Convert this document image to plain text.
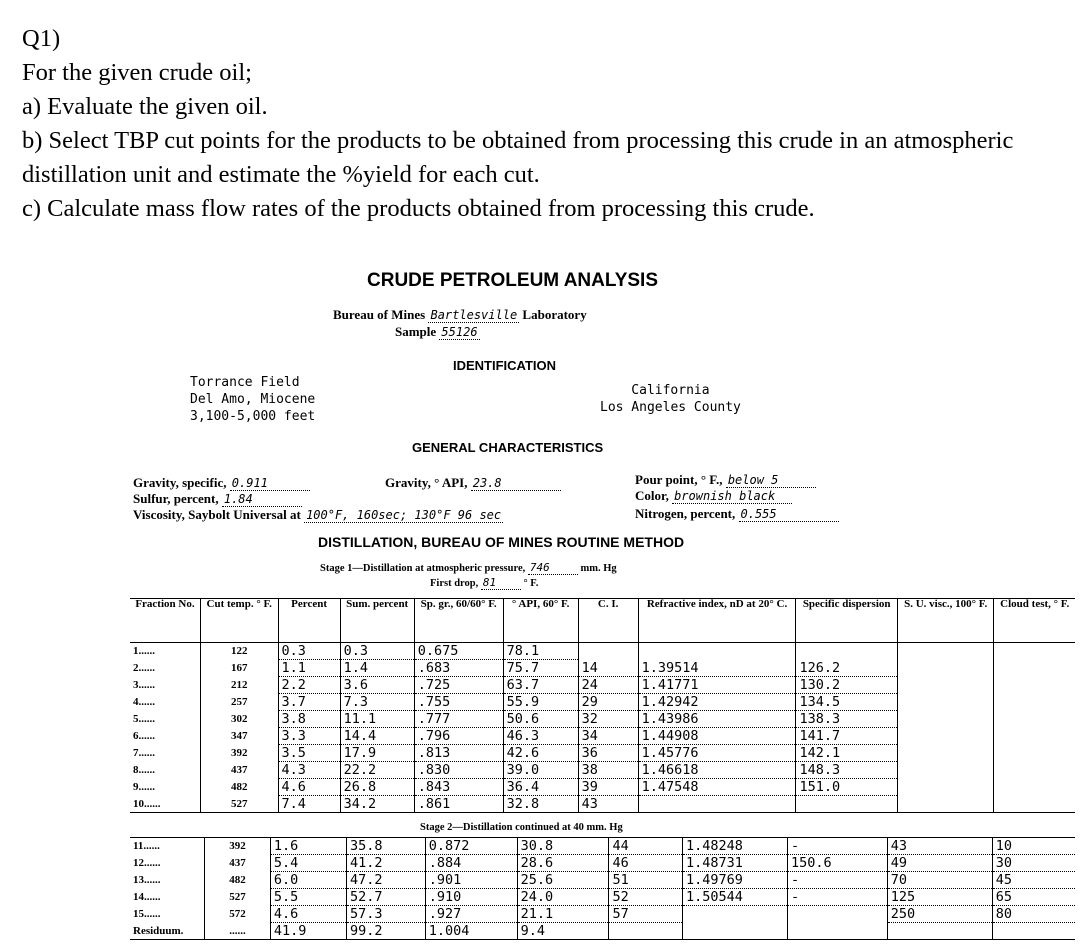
Q1)
For the given crude oil;
a) Evaluate the given oil.
b) Select TBP cut points for the products to be obtained from processing this crude in an atmospheric distillation unit and estimate the %yield for each cut.
c) Calculate mass flow rates of the products obtained from processing this crude.
CRUDE PETROLEUM ANALYSIS
Bureau of Mines Bartlesville Laboratory
Sample 55126
IDENTIFICATION
Torrance Field
Del Amo, Miocene
3,100-5,000 feet
California
Los Angeles County
GENERAL CHARACTERISTICS
Gravity, specific, 0.911	Gravity, ° API, 23.8	Pour point, ° F., below 5
Sulfur, percent, 1.84	Color, brownish black
Viscosity, Saybolt Universal at 100°F, 160sec; 130°F 96 sec	Nitrogen, percent, 0.555
DISTILLATION, BUREAU OF MINES ROUTINE METHOD
Stage 1—Distillation at atmospheric pressure, 746	mm. Hg
First drop, 81	° F.
Fraction No.	Cut temp. ° F.	Percent	Sum. percent	Sp. gr., 60/60° F.	° API, 60° F.	C. I.	Refractive index, nD at 20° C.	Specific dispersion	S. U. visc., 100° F.	Cloud test, ° F.
1......	122	0.3	0.3	0.675	78.1					
2......	167	1.1	1.4	.683	75.7	14	1.39514	126.2		
3......	212	2.2	3.6	.725	63.7	24	1.41771	130.2		
4......	257	3.7	7.3	.755	55.9	29	1.42942	134.5		
5......	302	3.8	11.1	.777	50.6	32	1.43986	138.3		
6......	347	3.3	14.4	.796	46.3	34	1.44908	141.7		
7......	392	3.5	17.9	.813	42.6	36	1.45776	142.1		
8......	437	4.3	22.2	.830	39.0	38	1.46618	148.3		
9......	482	4.6	26.8	.843	36.4	39	1.47548	151.0		
10......	527	7.4	34.2	.861	32.8	43				
Stage 2—Distillation continued at 40 mm. Hg
11......	392	1.6	35.8	0.872	30.8	44	1.48248	-	43	10
12......	437	5.4	41.2	.884	28.6	46	1.48731	150.6	49	30
13......	482	6.0	47.2	.901	25.6	51	1.49769	-	70	45
14......	527	5.5	52.7	.910	24.0	52	1.50544	-	125	65
15......	572	4.6	57.3	.927	21.1	57			250	80
Residuum.	......	41.9	99.2	1.004	9.4					
